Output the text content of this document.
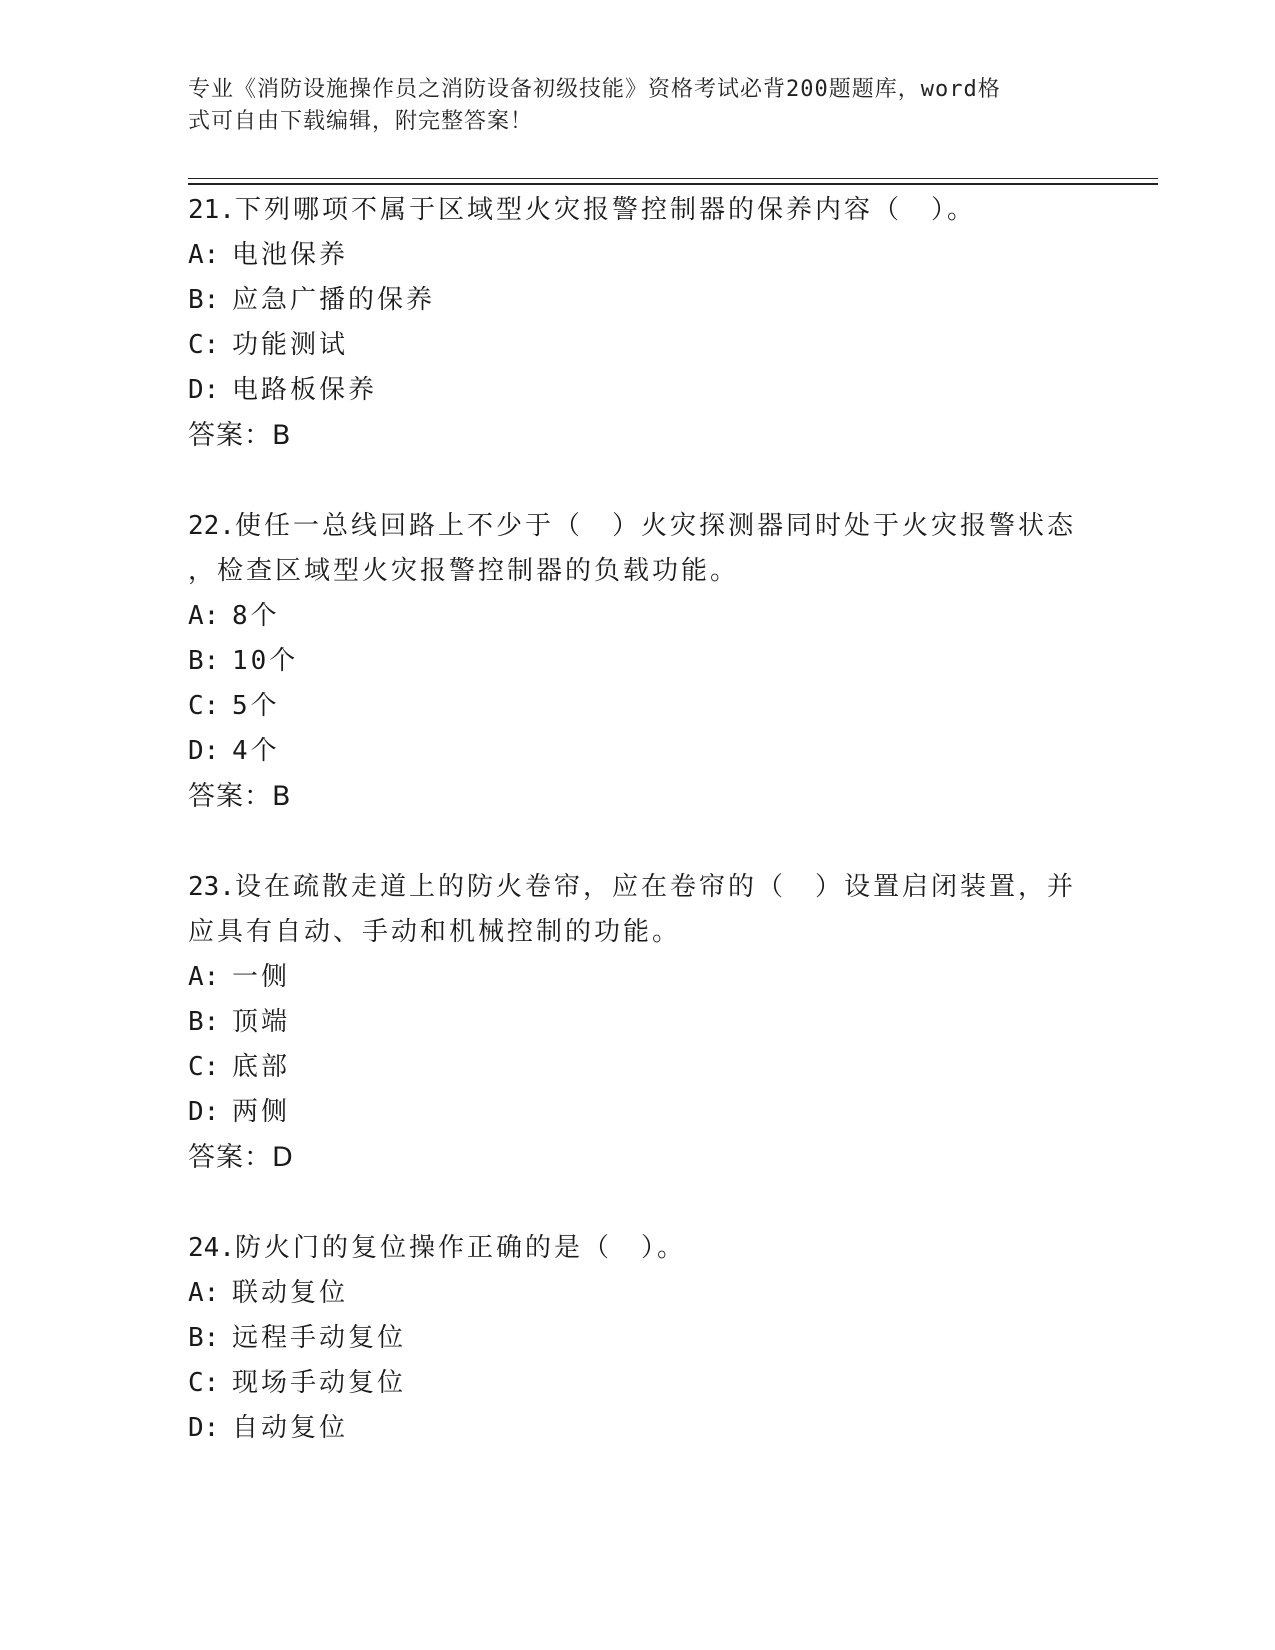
专业《消防设施操作员之消防设备初级技能》资格考试必背200题题库，word格
式可自由下载编辑，附完整答案！

21.下列哪项不属于区域型火灾报警控制器的保养内容（　）。

A: 电池保养

B: 应急广播的保养

C: 功能测试

D: 电路板保养

答案：B

22.使任一总线回路上不少于（　）火灾探测器同时处于火灾报警状态

，检查区域型火灾报警控制器的负载功能。

A: 8个

B: 10个

C: 5个

D: 4个

答案：B

23.设在疏散走道上的防火卷帘，应在卷帘的（　）设置启闭装置，并

应具有自动、手动和机械控制的功能。

A: 一侧

B: 顶端

C: 底部

D: 两侧

答案：D

24.防火门的复位操作正确的是（　）。

A: 联动复位

B: 远程手动复位

C: 现场手动复位

D: 自动复位
